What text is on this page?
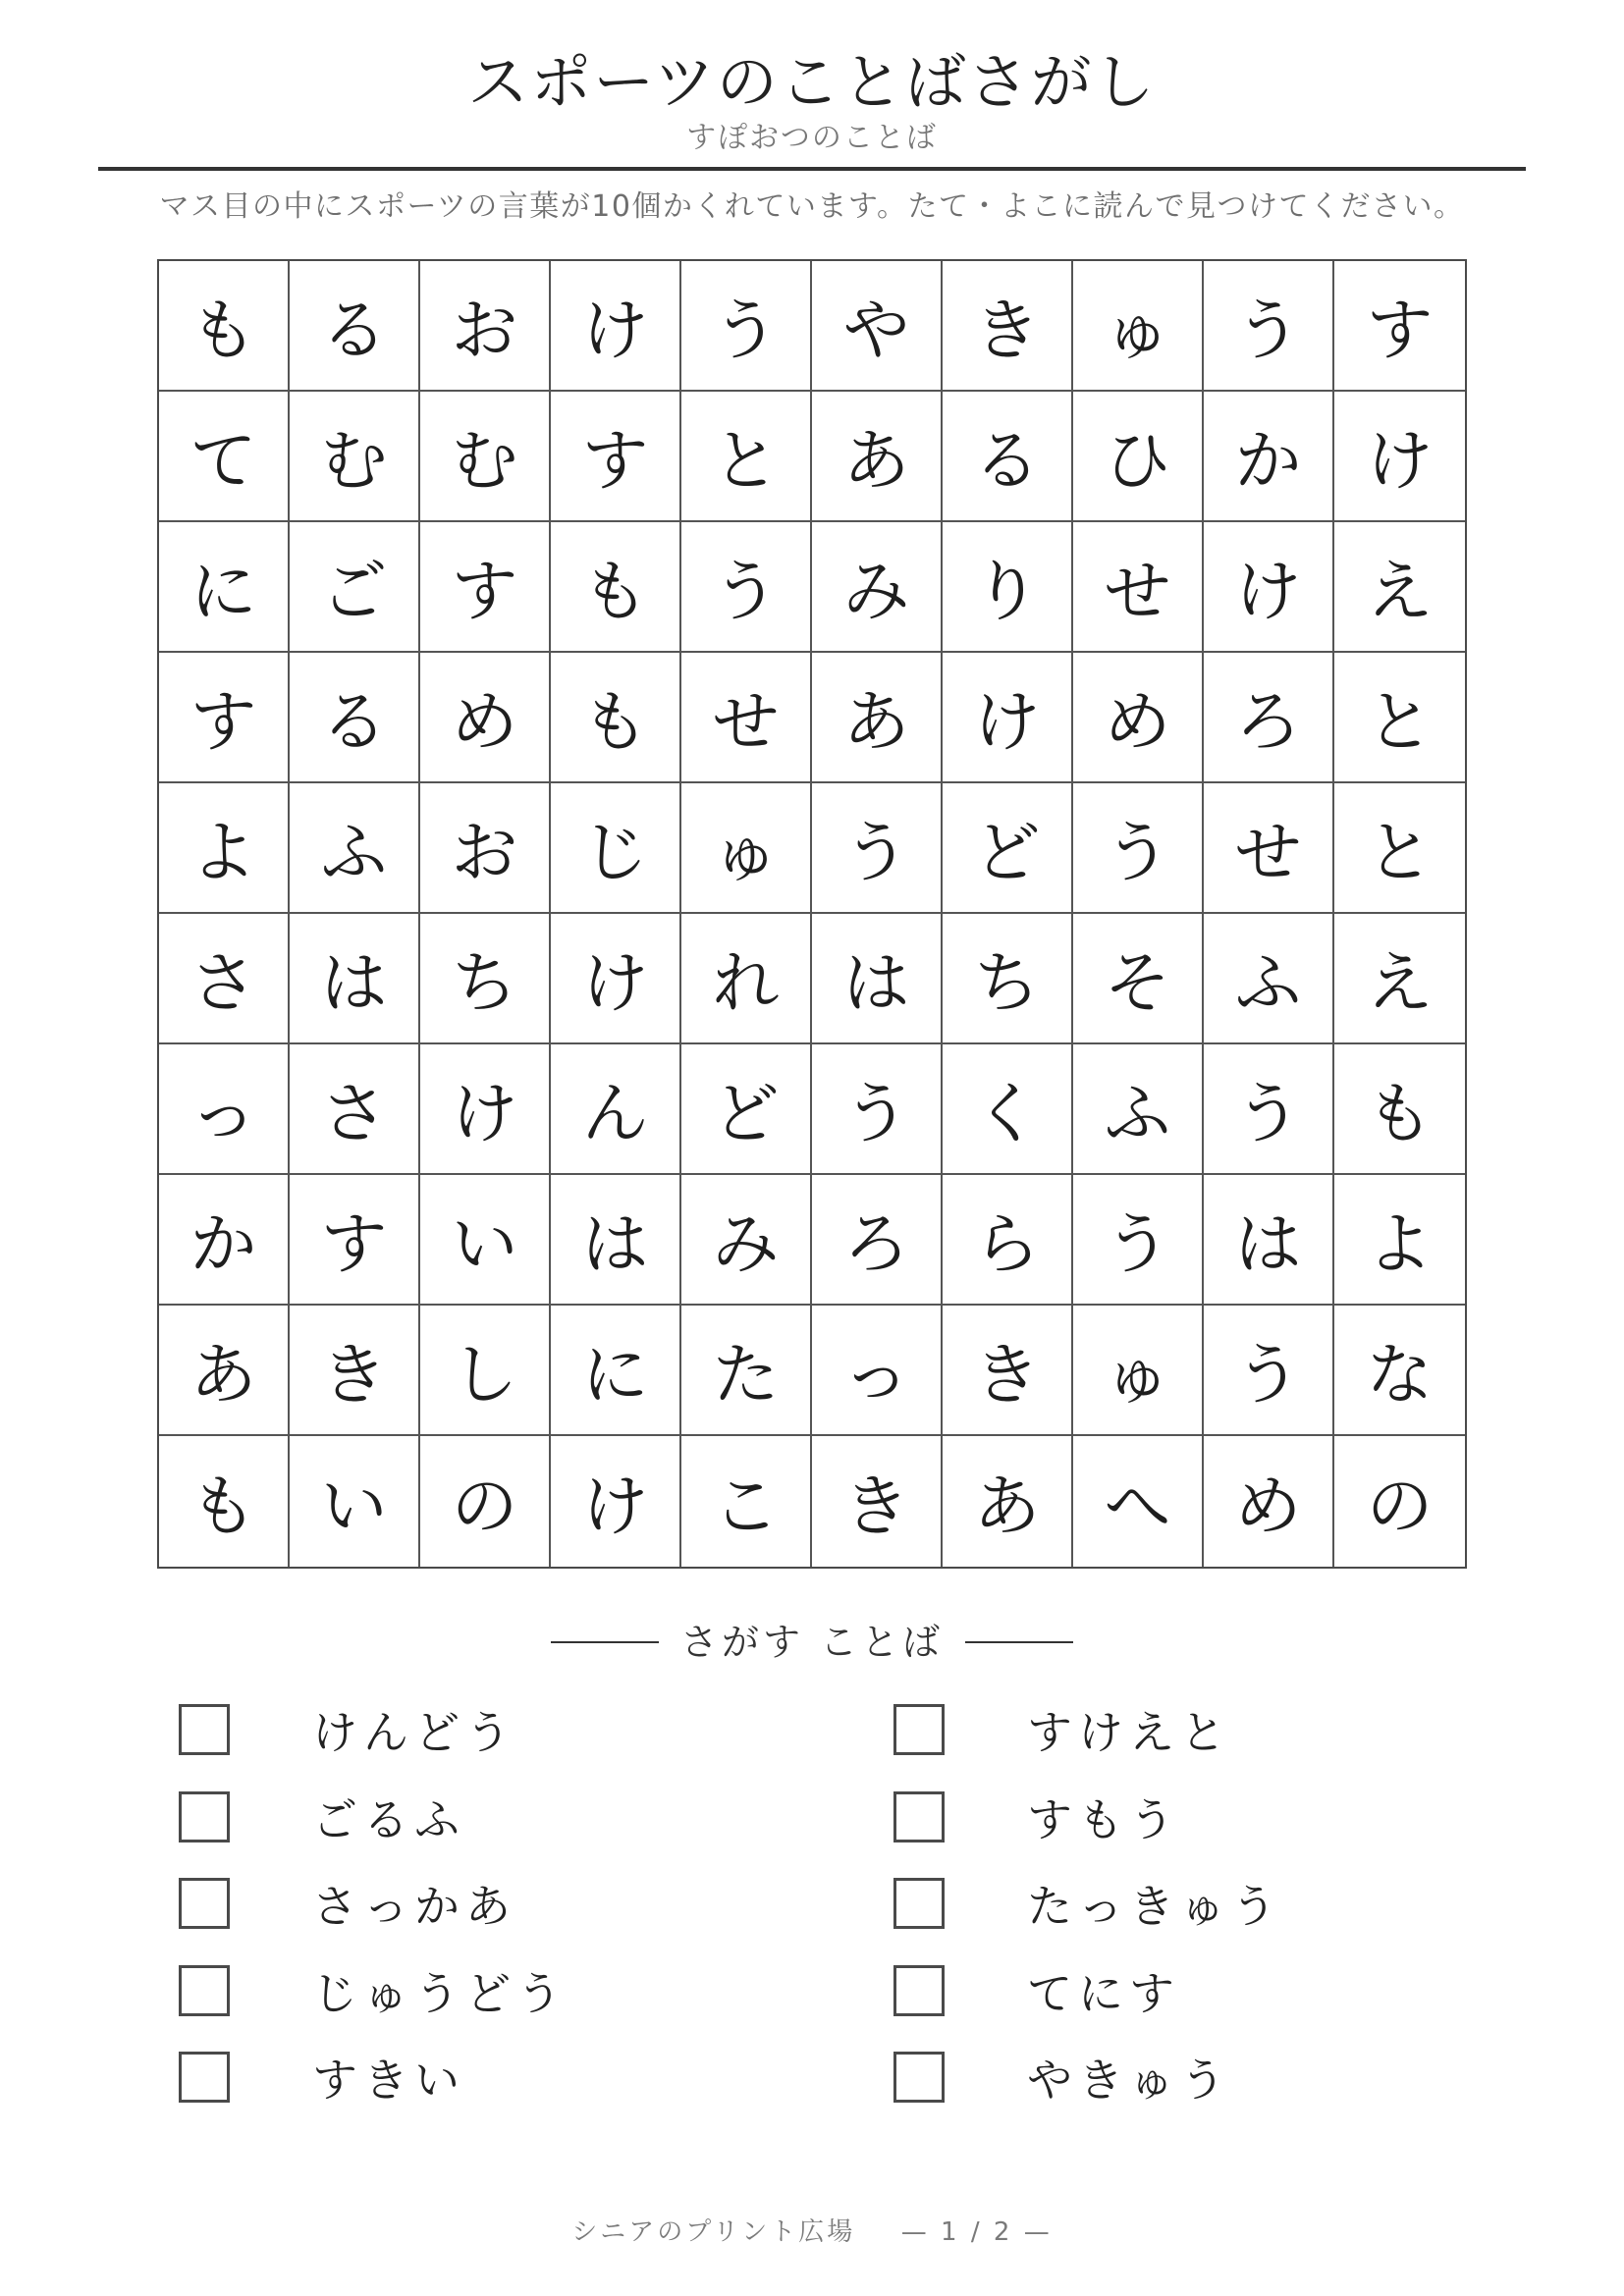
スポーツのことばさがし
すぽおつのことば
マス目の中にスポーツの言葉が10個かくれています。たて・よこに読んで見つけてください。
も る お け う や き ゅ う す
て む む す と あ る ひ か け
に ご す も う み り せ け え
す る め も せ あ け め ろ と
よ ふ お じ ゅ う ど う せ と
さ は ち け れ は ち そ ふ え
っ さ け ん ど う く ふ う も
か す い は み ろ ら う は よ
あ き し に た っ き ゅ う な
も い の け こ き あ へ め の
さがす ことば
けんどう
ごるふ
さっかあ
じゅうどう
すきい
すけえと
すもう
たっきゅう
てにす
やきゅう
シニアのプリント広場 — 1 / 2 —
